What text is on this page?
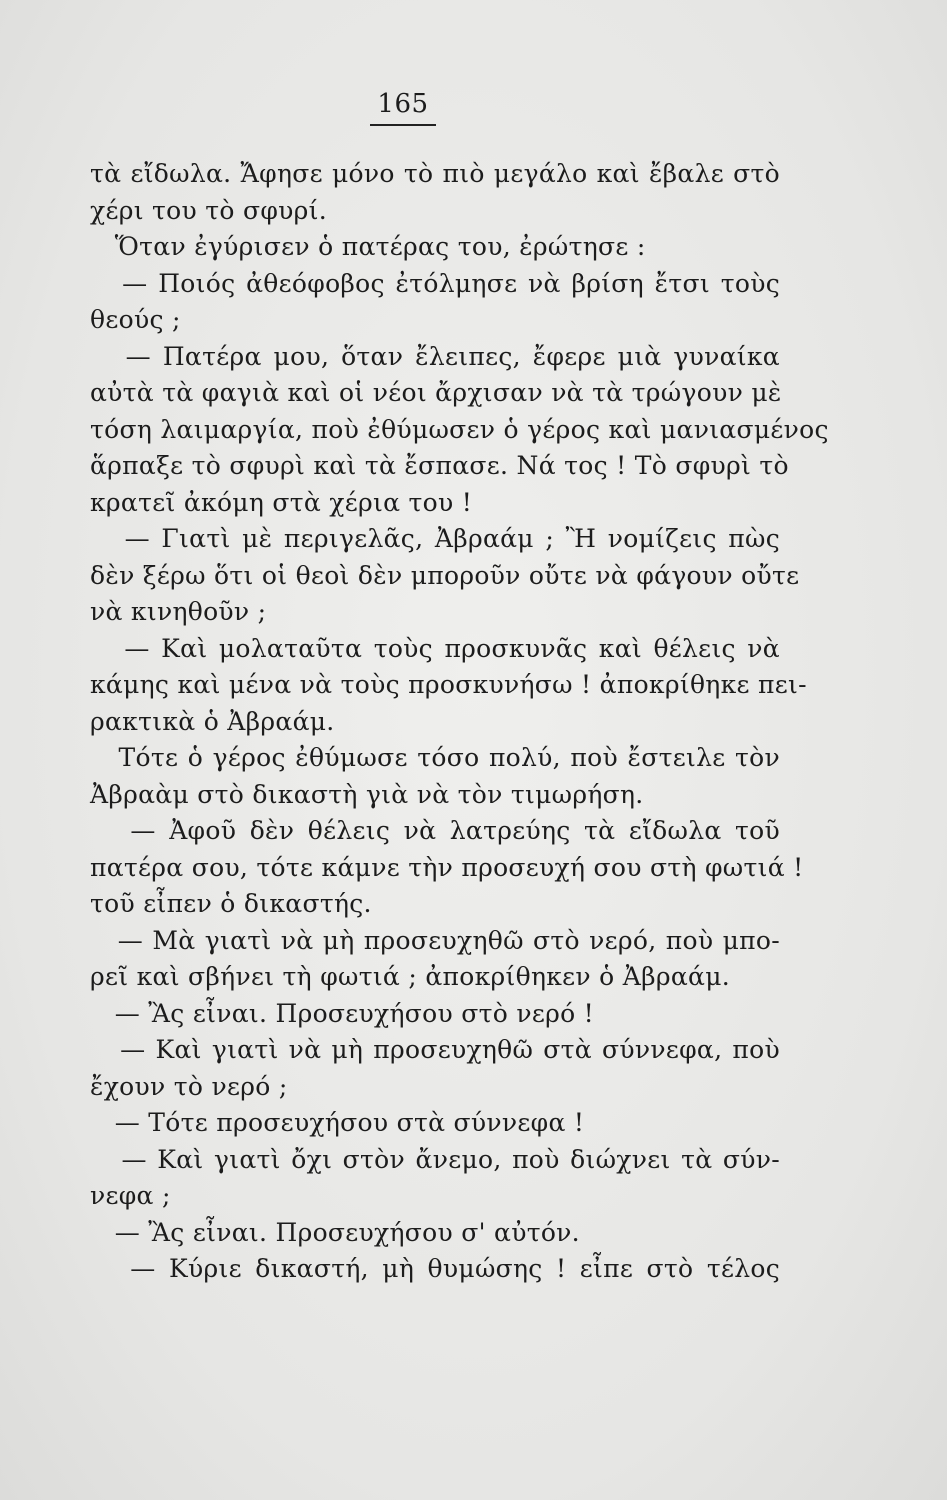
165
τὰ εἴδωλα. Ἄφησε μόνο τὸ πιὸ μεγάλο καὶ ἔβαλε στὸ
χέρι του τὸ σφυρί.
Ὅταν ἐγύρισεν ὁ πατέρας του, ἐρώτησε :
— Ποιός ἀθεόφοβος ἐτόλμησε νὰ βρίση ἔτσι τοὺς
θεούς ;
— Πατέρα μου, ὅταν ἔλειπες, ἔφερε μιὰ γυναίκα
αὐτὰ τὰ φαγιὰ καὶ οἱ νέοι ἄρχισαν νὰ τὰ τρώγουν μὲ
τόση λαιμαργία, ποὺ ἐθύμωσεν ὁ γέρος καὶ μανιασμένος
ἅρπαξε τὸ σφυρὶ καὶ τὰ ἔσπασε. Νά τος ! Τὸ σφυρὶ τὸ
κρατεῖ ἀκόμη στὰ χέρια του !
— Γιατὶ μὲ περιγελᾶς, Ἀβραάμ ; Ἢ νομίζεις πὼς
δὲν ξέρω ὅτι οἱ θεοὶ δὲν μποροῦν οὔτε νὰ φάγουν οὔτε
νὰ κινηθοῦν ;
— Καὶ μολαταῦτα τοὺς προσκυνᾶς καὶ θέλεις νὰ
κάμης καὶ μένα νὰ τοὺς προσκυνήσω ! ἀποκρίθηκε πει-
ρακτικὰ ὁ Ἀβραάμ.
Τότε ὁ γέρος ἐθύμωσε τόσο πολύ, ποὺ ἔστειλε τὸν
Ἀβραὰμ στὸ δικαστὴ γιὰ νὰ τὸν τιμωρήση.
— Ἀφοῦ δὲν θέλεις νὰ λατρεύης τὰ εἴδωλα τοῦ
πατέρα σου, τότε κάμνε τὴν προσευχή σου στὴ φωτιά !
τοῦ εἶπεν ὁ δικαστής.
— Μὰ γιατὶ νὰ μὴ προσευχηθῶ στὸ νερό, ποὺ μπο-
ρεῖ καὶ σβήνει τὴ φωτιά ; ἀποκρίθηκεν ὁ Ἀβραάμ.
— Ἂς εἶναι. Προσευχήσου στὸ νερό !
— Καὶ γιατὶ νὰ μὴ προσευχηθῶ στὰ σύννεφα, ποὺ
ἔχουν τὸ νερό ;
— Τότε προσευχήσου στὰ σύννεφα !
— Καὶ γιατὶ ὄχι στὸν ἄνεμο, ποὺ διώχνει τὰ σύν-
νεφα ;
— Ἂς εἶναι. Προσευχήσου σ' αὐτόν.
— Κύριε δικαστή, μὴ θυμώσης ! εἶπε στὸ τέλος
